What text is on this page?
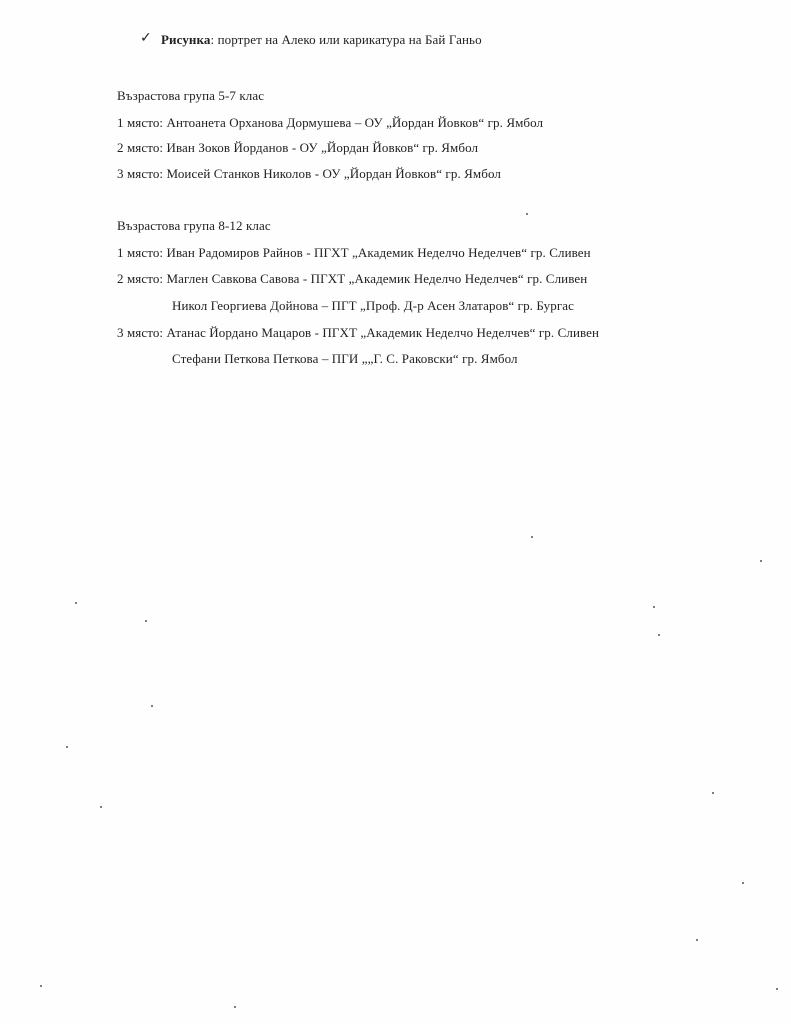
✓ Рисунка: портрет на Алеко или карикатура на Бай Ганьо
Възрастова група 5-7 клас
1 място: Антоанета Орханова Дормушева – ОУ „Йордан Йовков“ гр. Ямбол
2 място: Иван Зоков Йорданов - ОУ „Йордан Йовков“ гр. Ямбол
3 място: Моисей Станков Николов - ОУ „Йордан Йовков“ гр. Ямбол
Възрастова група 8-12 клас
1 място: Иван Радомиров Райнов - ПГХТ „Академик Неделчо Неделчев“ гр. Сливен
2 място: Маглен Савкова Савова - ПГХТ „Академик Неделчо Неделчев“ гр. Сливен
Никол Георгиева Дойнова – ПГТ „Проф. Д-р Асен Златаров“ гр. Бургас
3 място: Атанас Йордано Мацаров - ПГХТ „Академик Неделчо Неделчев“ гр. Сливен
Стефани Петкова Петкова – ПГИ „„Г. С. Раковски“ гр. Ямбол
